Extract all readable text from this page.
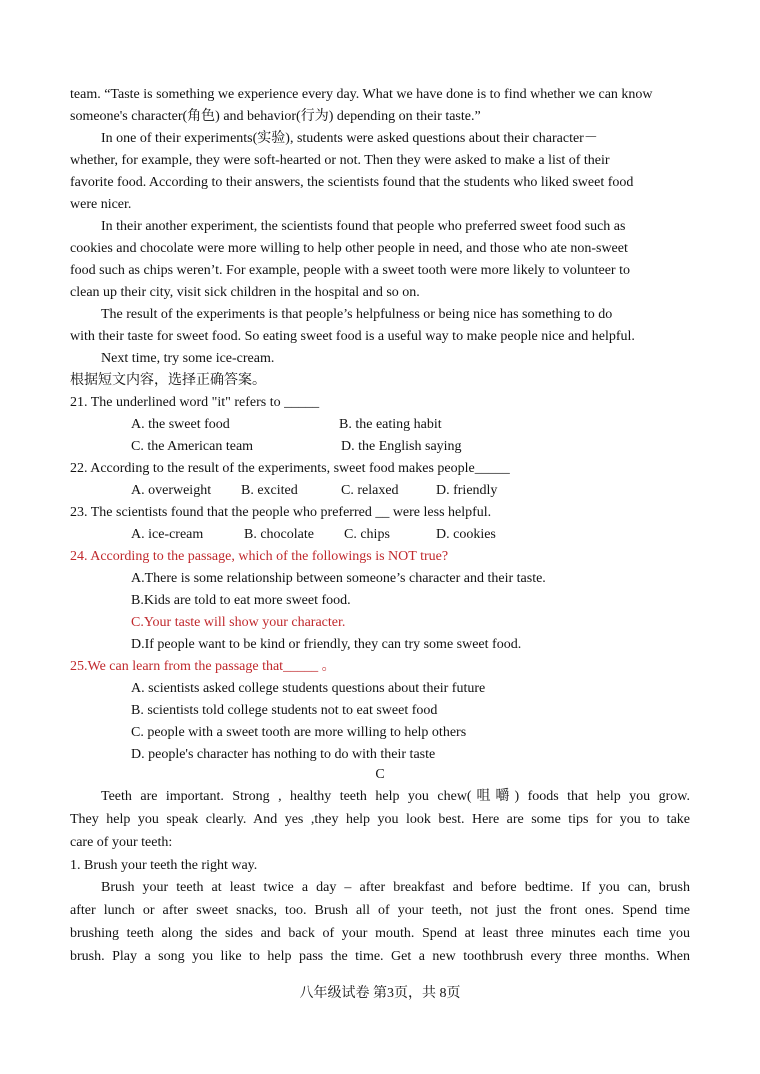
team. “Taste is something we experience every day. What we have done is to find whether we can know
someone's character(角色) and behavior(行为) depending on their taste.”
In one of their experiments(实验), students were asked questions about their character－
whether, for example, they were soft-hearted or not. Then they were asked to make a list of their
favorite food. According to their answers, the scientists found that the students who liked sweet food
were nicer.
In their another experiment, the scientists found that people who preferred sweet food such as
cookies and chocolate were more willing to help other people in need, and those who ate non-sweet
food such as chips weren’t. For example, people with a sweet tooth were more likely to volunteer to
clean up their city, visit sick children in the hospital and so on.
The result of the experiments is that people’s helpfulness or being nice has something to do
with their taste for sweet food. So eating sweet food is a useful way to make people nice and helpful.
Next time, try some ice-cream.
根据短文内容，选择正确答案。
21. The underlined word "it" refers to _____
A. the sweet food	B. the eating habit
C. the American team	D. the English saying
22. According to the result of the experiments, sweet food makes people_____
A. overweight B. excited	C. relaxed	D. friendly
23. The scientists found that the people who preferred __ were less helpful.
A. ice-cream	B. chocolate C. chips	D. cookies
24. According to the passage, which of the followings is NOT true?
A.There is some relationship between someone’s character and their taste.
B.Kids are told to eat more sweet food.
C.Your taste will show your character.
D.If people want to be kind or friendly, they can try some sweet food.
25.We can learn from the passage that_____ 。
A. scientists asked college students questions about their future
B. scientists told college students not to eat sweet food
C. people with a sweet tooth are more willing to help others
D. people's character has nothing to do with their taste
C
Teeth are important. Strong , healthy teeth help you chew(咀嚼) foods that help you grow.
They help you speak clearly. And yes ,they help you look best. Here are some tips for you to take
care of your teeth:
1. Brush your teeth the right way.
Brush your teeth at least twice a day – after breakfast and before bedtime. If you can, brush
after lunch or after sweet snacks, too. Brush all of your teeth, not just the front ones. Spend time
brushing teeth along the sides and back of your mouth. Spend at least three minutes each time you
brush. Play a song you like to help pass the time. Get a new toothbrush every three months. When
八年级试卷 第3页，共 8页
